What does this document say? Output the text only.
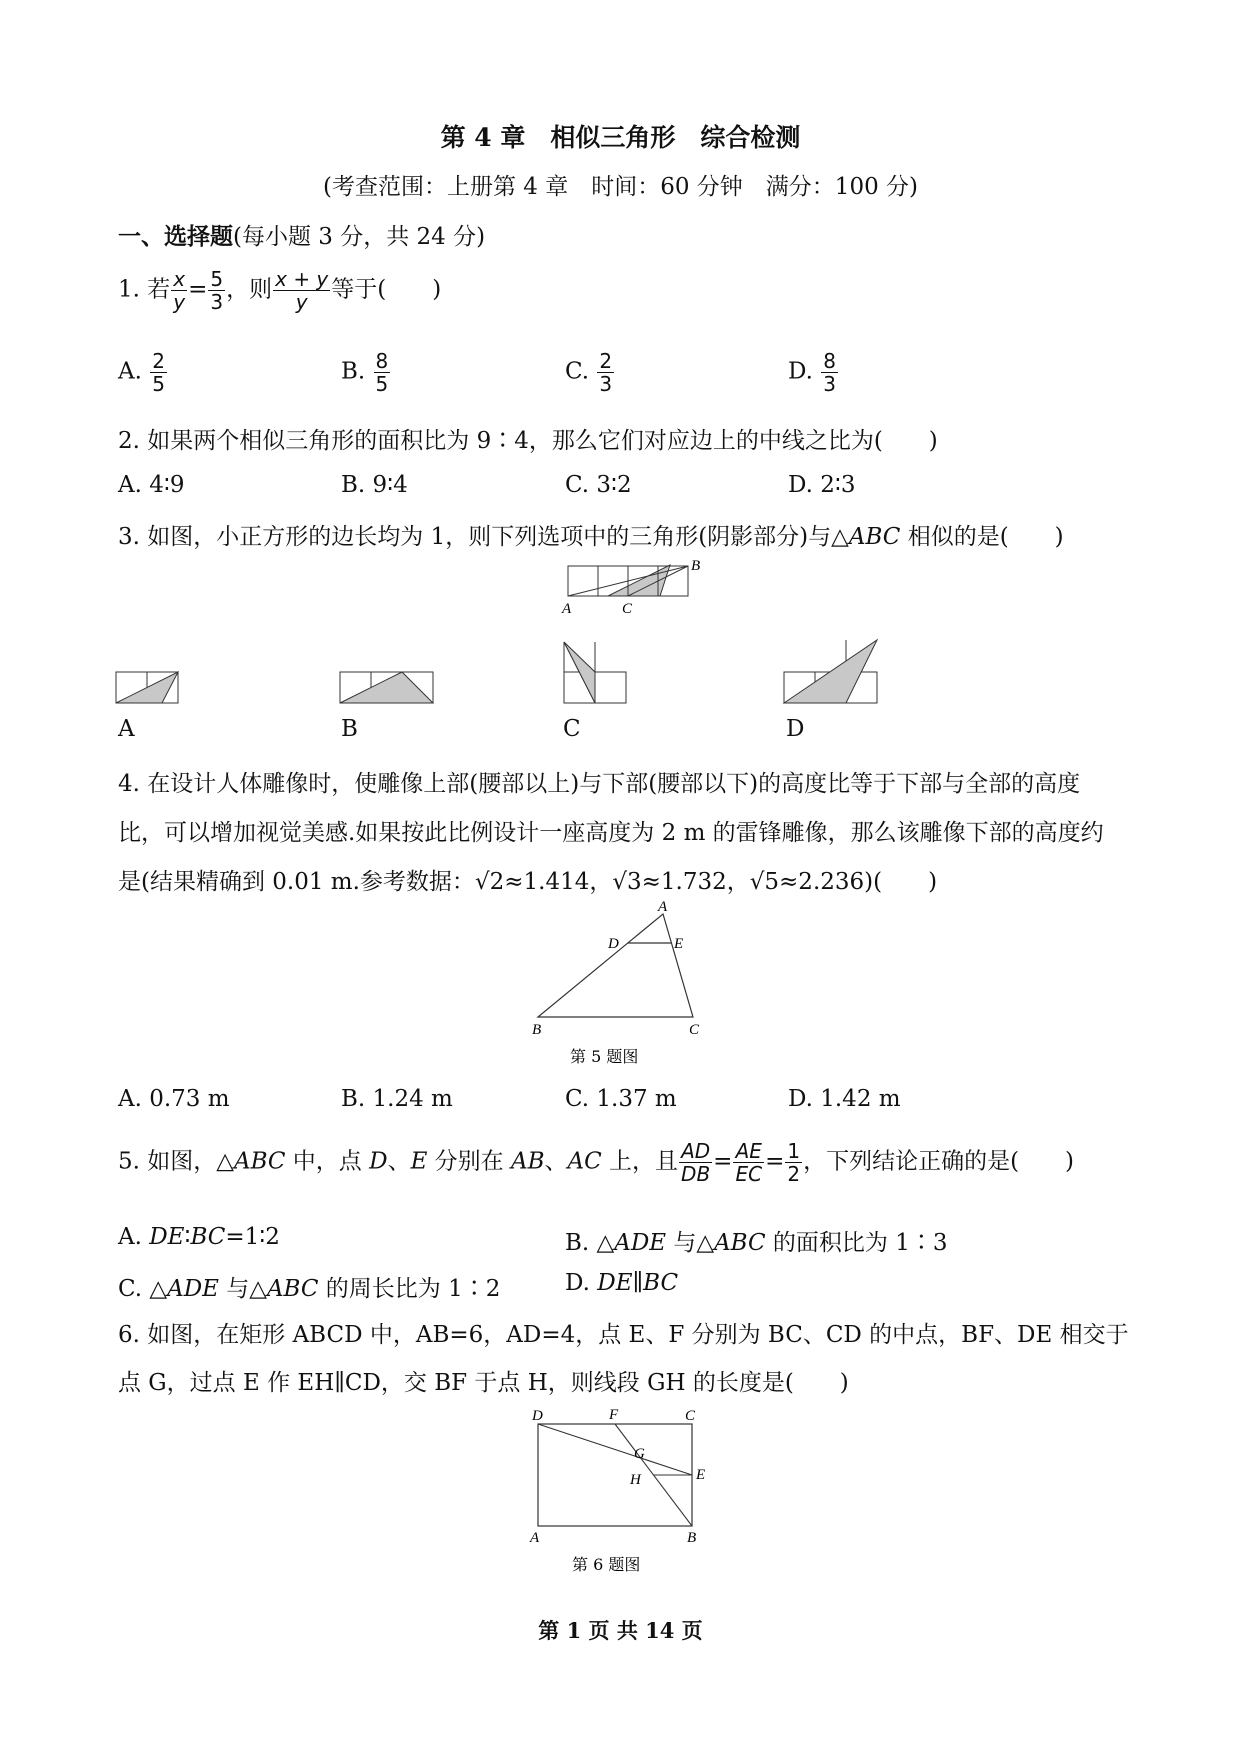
第 4 章　相似三角形　综合检测
(考查范围：上册第 4 章　时间：60 分钟　满分：100 分)
一、选择题(每小题 3 分，共 24 分)
1. 若 $\frac{x}{y} = \frac{5}{3}$ ，则 $\frac{x + y}{y}$ 等于(　　)
A. $\frac{2}{5}$	B. $\frac{8}{5}$	C. $\frac{2}{3}$	D. $\frac{8}{3}$
2. 如果两个相似三角形的面积比为 9∶4，那么它们对应边上的中线之比为(　　)
A. 4∶9	B. 9∶4	C. 3∶2	D. 2∶3
3. 如图，小正方形的边长均为 1，则下列选项中的三角形(阴影部分)与△ABC 相似的是(　　)
A	C
B
A	B	C	D
4. 在设计人体雕像时，使雕像上部(腰部以上)与下部(腰部以下)的高度比等于下部与全部的高度比，可以增加视觉美感.如果按此比例设计一座高度为 2 m 的雷锋雕像，那么该雕像下部的高度约是(结果精确到 0.01 m.参考数据：√2≈1.414，√3≈1.732，√5≈2.236)(　　)
A
D	E
B	C
第 5 题图
A. 0.73 m	B. 1.24 m	C. 1.37 m	D. 1.42 m
5. 如图，△ABC 中，点 D、E 分别在 AB、AC 上，且 $\frac{AD}{DB} = \frac{AE}{EC} = \frac{1}{2}$ ，下列结论正确的是(　　)
A. DE∶BC=1∶2	B. △ADE 与△ABC 的面积比为 1∶3
C. △ADE 与△ABC 的周长比为 1∶2	D. DE∥BC
6. 如图，在矩形 ABCD 中，AB=6，AD=4，点 E、F 分别为 BC、CD 的中点，BF、DE 相交于
点 G，过点 E 作 EH∥CD，交 BF 于点 H，则线段 GH 的长度是(　　)
D	F	C
G
H	E
A	B
第 6 题图
第 1 页 共 14 页
